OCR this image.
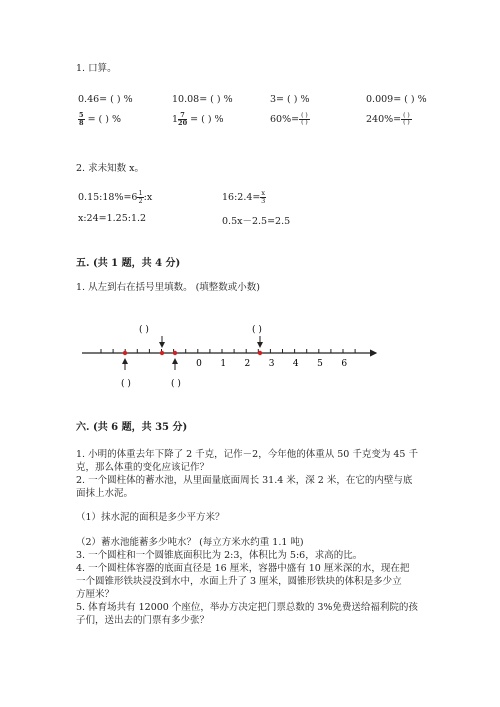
1. 口算。
0.46= ( ) %	10.08= ( ) %	3= ( ) %	0.009= ( ) %
$\frac{5}{8}$ = ( ) %	$1 \frac{7}{20}$ = ( ) %	$60\%= \frac{( )}{( )}$	$240\%= \frac{( )}{( )}$
2. 求未知数 x。
0.15:18%=6 $\frac{1}{2}$ :x	16:2.4= $\frac{x}{3}$
x:24=1.25:1.2	0.5x－2.5=2.5
五. (共 1 题，共 4 分)
1. 从左到右在括号里填数。 (填整数或小数)
0 1 2 3 4 5 6
( )	( )
( )	( )
六. (共 6 题，共 35 分)
1. 小明的体重去年下降了 2 千克，记作－2，今年他的体重从 50 千克变为 45 千
克，那么体重的变化应该记作？
2. 一个圆柱体的蓄水池，从里面量底面周长 31.4 米，深 2 米，在它的内壁与底
面抹上水泥。
（1）抹水泥的面积是多少平方米？
（2）蓄水池能蓄多少吨水？ (每立方米水约重 1.1 吨)
3. 一个圆柱和一个圆锥底面积比为 2:3，体积比为 5:6，求高的比。
4. 一个圆柱体容器的底面直径是 16 厘米，容器中盛有 10 厘米深的水，现在把
一个圆锥形铁块浸没到水中，水面上升了 3 厘米，圆锥形铁块的体积是多少立
方厘米？
5. 体育场共有 12000 个座位，举办方决定把门票总数的 3%免费送给福利院的孩
子们，送出去的门票有多少张？
